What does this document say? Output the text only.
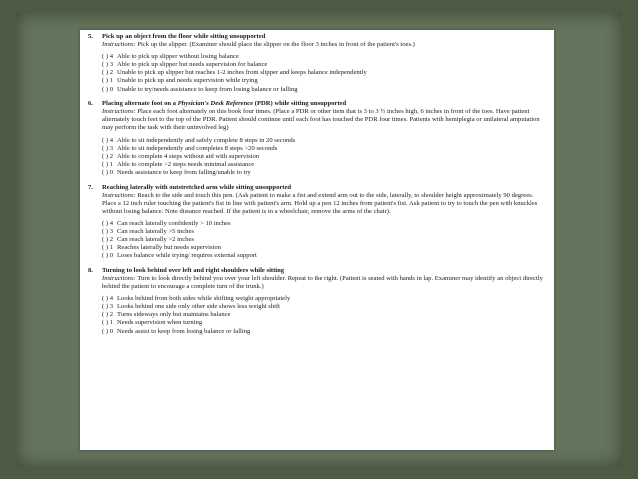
5. Pick up an object from the floor while sitting unsupported
Instructions: Pick up the slipper. (Examiner should place the slipper on the floor 3 inches in front of the patient's toes.)
( ) 4 Able to pick up slipper without losing balance
( ) 3 Able to pick up slipper but needs supervision for balance
( ) 2 Unable to pick up slipper but reaches 1-2 inches from slipper and keeps balance independently
( ) 1 Unable to pick up and needs supervision while trying
( ) 0 Unable to try/needs assistance to keep from losing balance or falling
6. Placing alternate foot on a Physician's Desk Reference (PDR) while sitting unsupported
Instructions: Place each foot alternately on this book four times. (Place a PDR or other item that is 3 to 3 ½ inches high, 6 inches in front of the toes. Have patient alternately touch feet to the top of the PDR. Patient should continue until each foot has touched the PDR four times. Patients with hemiplegia or unilateral amputation may perform the task with their uninvolved leg)
( ) 4 Able to sit independently and safely complete 8 steps in 20 seconds
( ) 3 Able to sit independently and completes 8 steps >20 seconds
( ) 2 Able to complete 4 steps without aid with supervision
( ) 1 Able to complete >2 steps needs minimal assistance
( ) 0 Needs assistance to keep from falling/unable to try
7. Reaching laterally with outstretched arm while sitting unsupported
Instructions: Reach to the side and touch this pen. (Ask patient to make a fist and extend arm out to the side, laterally, to shoulder height approximately 90 degrees. Place a 12 inch ruler touching the patient's fist in line with patient's arm. Hold up a pen 12 inches from patient's fist. Ask patient to try to touch the pen with knuckles without losing balance. Note distance reached. If the patient is in a wheelchair, remove the arms of the chair).
( ) 4 Can reach laterally confidently > 10 inches
( ) 3 Can reach laterally >5 inches
( ) 2 Can reach laterally >2 inches
( ) 1 Reaches laterally but needs supervision
( ) 0 Loses balance while trying/ requires external support
8. Turning to look behind over left and right shoulders while sitting
Instructions: Turn to look directly behind you over your left shoulder. Repeat to the right. (Patient is seated with hands in lap. Examiner may identify an object directly behind the patient to encourage a complete turn of the trunk.)
( ) 4 Looks behind from both sides while shifting weight appropriately
( ) 3 Looks behind one side only other side shows less weight shift
( ) 2 Turns sideways only but maintains balance
( ) 1 Needs supervision when turning
( ) 0 Needs assist to keep from losing balance or falling
